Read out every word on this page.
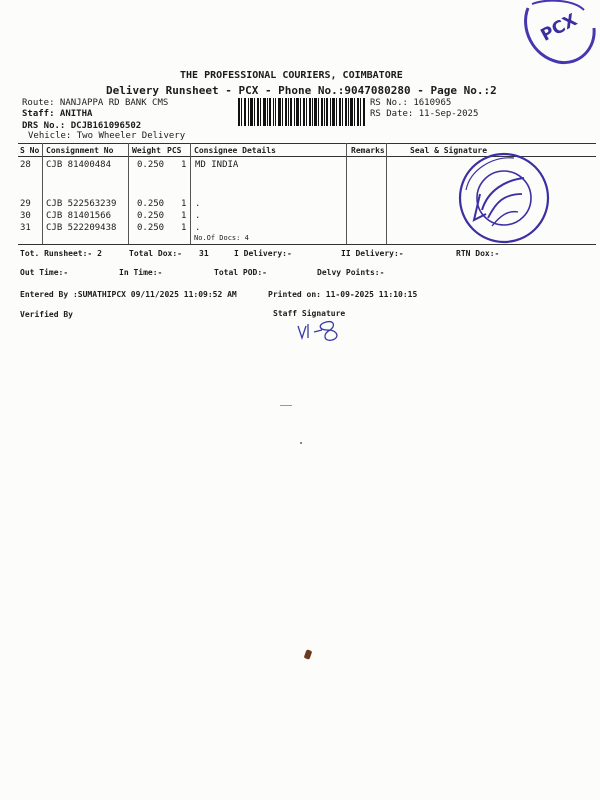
PCX
THE PROFESSIONAL COURIERS, COIMBATORE
Delivery Runsheet - PCX - Phone No.:9047080280 - Page No.:2
Route: NANJAPPA RD BANK CMS
Staff: ANITHA
DRS No.: DCJB161096502
Vehicle: Two Wheeler Delivery
RS No.: 1610965
RS Date: 11-Sep-2025
S No Consignment No Weight PCS Consignee Details	Remarks	Seal & Signature
28 CJB 81400484	0.250 1 MD INDIA
29 CJB 522563239 0.250 1 .
30 CJB 81401566	0.250 1 .
31 CJB 522209438 0.250 1 .
No.Of Docs: 4
Tot. Runsheet:- 2	Total Dox:- 31	I Delivery:-	II Delivery:-	RTN Dox:-
Out Time:-	In Time:-	Total POD:-	Delvy Points:-
Entered By :SUMATHIPCX 09/11/2025 11:09:52 AM	Printed on: 11-09-2025 11:10:15
Verified By	Staff Signature
